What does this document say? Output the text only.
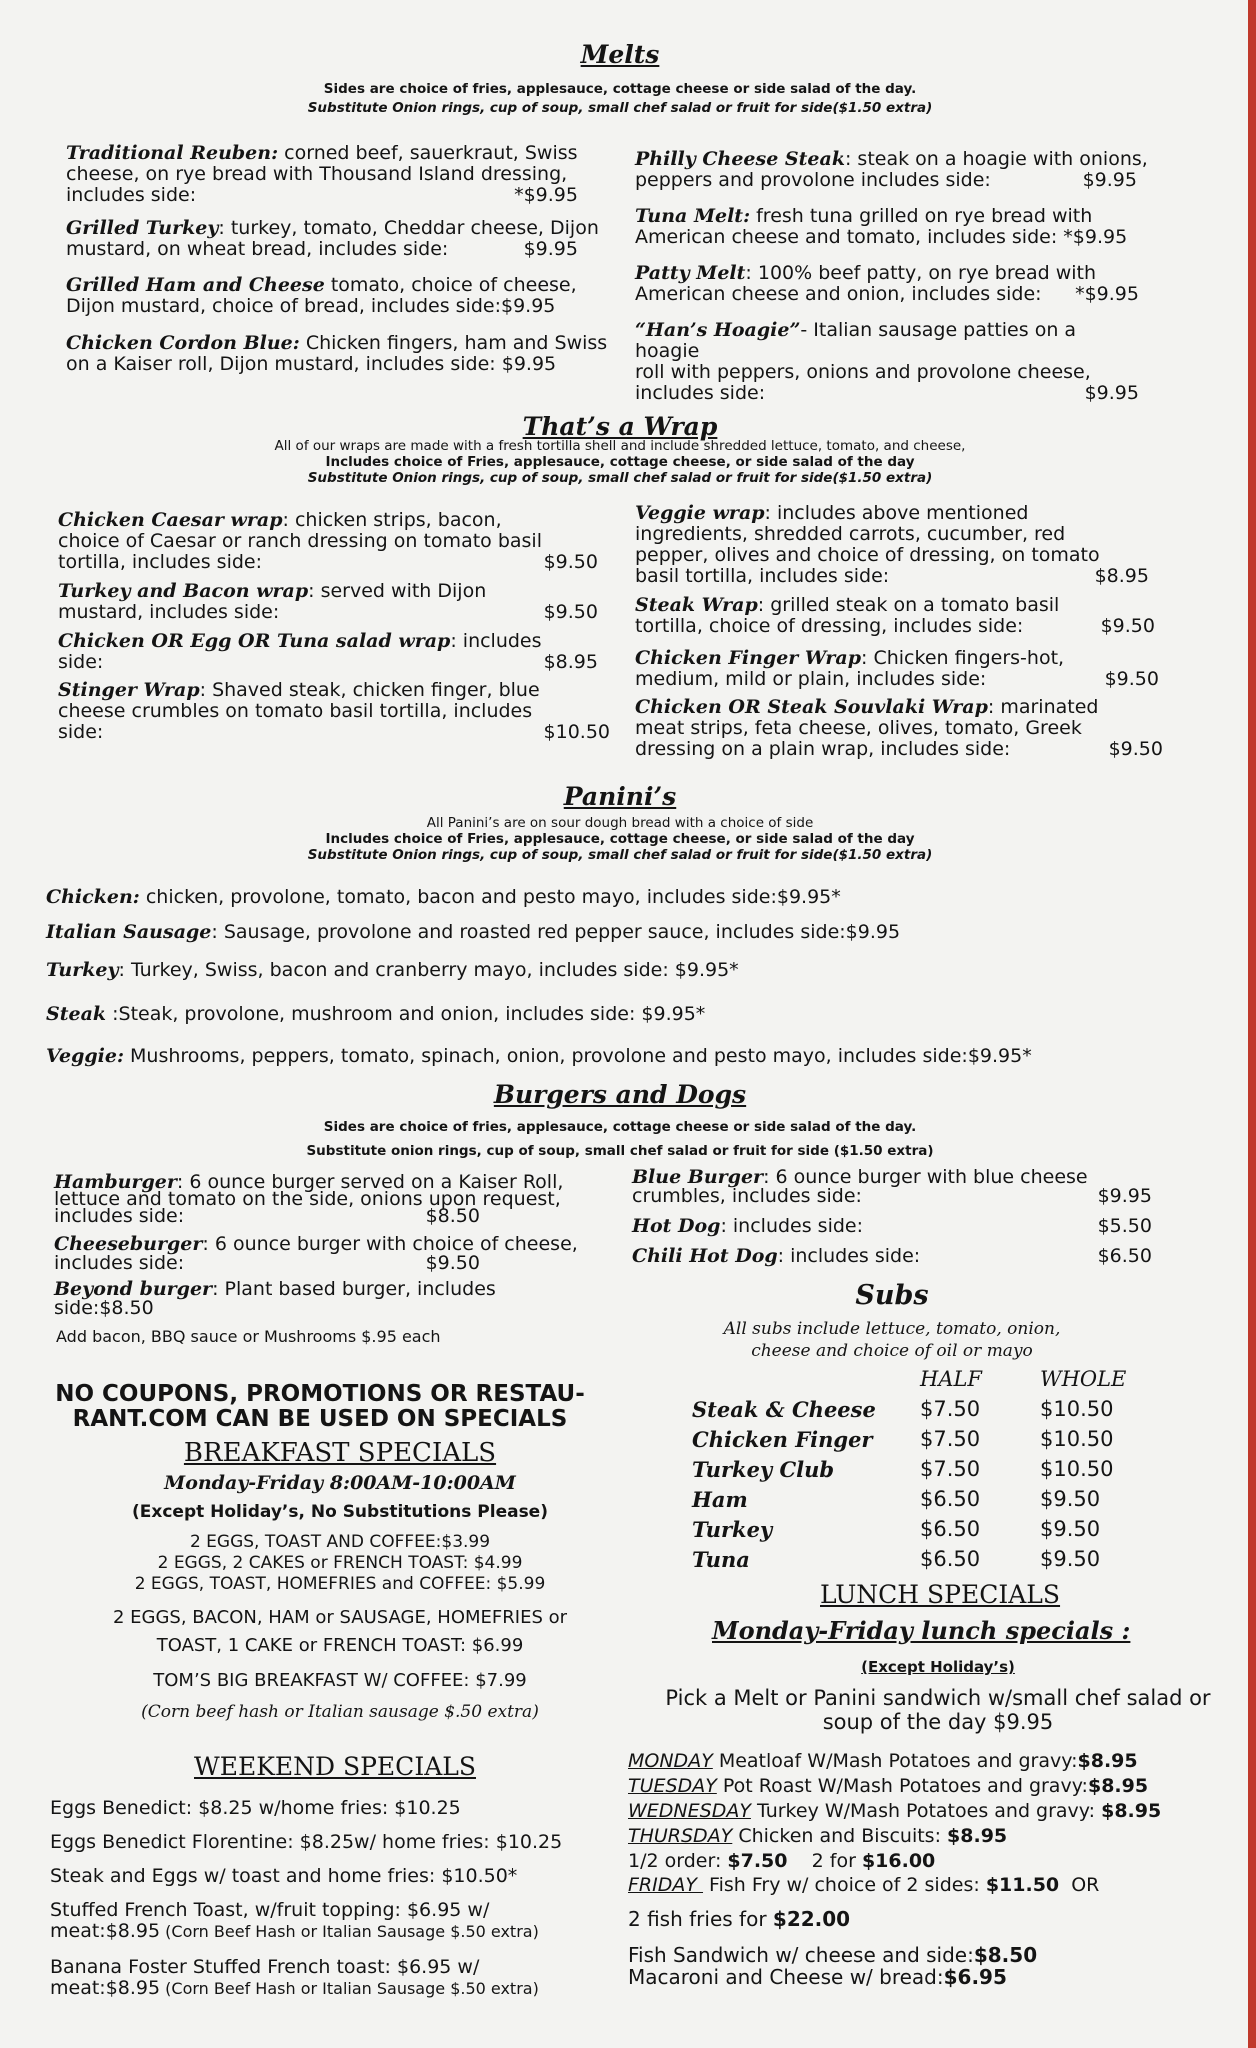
Melts
Sides are choice of fries, applesauce, cottage cheese or side salad of the day.
Substitute Onion rings, cup of soup, small chef salad or fruit for side($1.50 extra)
Traditional Reuben: corned beef, sauerkraut, Swiss
cheese, on rye bread with Thousand Island dressing,
includes side:	*$9.95
Grilled Turkey: turkey, tomato, Cheddar cheese, Dijon
mustard, on wheat bread, includes side:	$9.95
Grilled Ham and Cheese tomato, choice of cheese,
Dijon mustard, choice of bread, includes side:$9.95
Chicken Cordon Blue: Chicken fingers, ham and Swiss
on a Kaiser roll, Dijon mustard, includes side: $9.95
Philly Cheese Steak: steak on a hoagie with onions,
peppers and provolone includes side:	$9.95
Tuna Melt: fresh tuna grilled on rye bread with
American cheese and tomato, includes side: *$9.95
Patty Melt: 100% beef patty, on rye bread with
American cheese and onion, includes side: *$9.95
“Han’s Hoagie”- Italian sausage patties on a hoagie
roll with peppers, onions and provolone cheese,
includes side:	$9.95
That’s a Wrap
All of our wraps are made with a fresh tortilla shell and include shredded lettuce, tomato, and cheese,
Includes choice of Fries, applesauce, cottage cheese, or side salad of the day
Substitute Onion rings, cup of soup, small chef salad or fruit for side($1.50 extra)
Chicken Caesar wrap: chicken strips, bacon,
choice of Caesar or ranch dressing on tomato basil
tortilla, includes side:	$9.50
Turkey and Bacon wrap: served with Dijon
mustard, includes side:	$9.50
Chicken OR Egg OR Tuna salad wrap: includes
side:	$8.95
Stinger Wrap: Shaved steak, chicken finger, blue
cheese crumbles on tomato basil tortilla, includes
side:	$10.50
Veggie wrap: includes above mentioned
ingredients, shredded carrots, cucumber, red
pepper, olives and choice of dressing, on tomato
basil tortilla, includes side:	$8.95
Steak Wrap: grilled steak on a tomato basil
tortilla, choice of dressing, includes side:	$9.50
Chicken Finger Wrap: Chicken fingers-hot,
medium, mild or plain, includes side:	$9.50
Chicken OR Steak Souvlaki Wrap: marinated
meat strips, feta cheese, olives, tomato, Greek
dressing on a plain wrap, includes side:	$9.50
Panini’s
All Panini’s are on sour dough bread with a choice of side
Includes choice of Fries, applesauce, cottage cheese, or side salad of the day
Substitute Onion rings, cup of soup, small chef salad or fruit for side($1.50 extra)
Chicken: chicken, provolone, tomato, bacon and pesto mayo, includes side:$9.95*
Italian Sausage: Sausage, provolone and roasted red pepper sauce, includes side:$9.95
Turkey: Turkey, Swiss, bacon and cranberry mayo, includes side: $9.95*
Steak :Steak, provolone, mushroom and onion, includes side: $9.95*
Veggie: Mushrooms, peppers, tomato, spinach, onion, provolone and pesto mayo, includes side:$9.95*
Burgers and Dogs
Sides are choice of fries, applesauce, cottage cheese or side salad of the day.
Substitute onion rings, cup of soup, small chef salad or fruit for side ($1.50 extra)
Hamburger: 6 ounce burger served on a Kaiser Roll,
lettuce and tomato on the side, onions upon request,
includes side:	$8.50
Cheeseburger: 6 ounce burger with choice of cheese,
includes side:	$9.50
Beyond burger: Plant based burger, includes
side:$8.50
Add bacon, BBQ sauce or Mushrooms $.95 each
Blue Burger: 6 ounce burger with blue cheese
crumbles, includes side:	$9.95
Hot Dog: includes side:	$5.50
Chili Hot Dog: includes side:	$6.50
Subs
All subs include lettuce, tomato, onion,
cheese and choice of oil or mayo
	HALF	WHOLE
Steak & Cheese	$7.50	$10.50
Chicken Finger	$7.50	$10.50
Turkey Club	$7.50	$10.50
Ham	$6.50	$9.50
Turkey	$6.50	$9.50
Tuna	$6.50	$9.50
NO COUPONS, PROMOTIONS OR RESTAU-
RANT.COM CAN BE USED ON SPECIALS
BREAKFAST SPECIALS
Monday-Friday 8:00AM-10:00AM
(Except Holiday’s, No Substitutions Please)
2 EGGS, TOAST AND COFFEE:$3.99
2 EGGS, 2 CAKES or FRENCH TOAST: $4.99
2 EGGS, TOAST, HOMEFRIES and COFFEE: $5.99
2 EGGS, BACON, HAM or SAUSAGE, HOMEFRIES or
TOAST, 1 CAKE or FRENCH TOAST: $6.99
TOM’S BIG BREAKFAST W/ COFFEE: $7.99
(Corn beef hash or Italian sausage $.50 extra)
WEEKEND SPECIALS
Eggs Benedict: $8.25 w/home fries: $10.25
Eggs Benedict Florentine: $8.25w/ home fries: $10.25
Steak and Eggs w/ toast and home fries: $10.50*
Stuffed French Toast, w/fruit topping: $6.95 w/
meat:$8.95 (Corn Beef Hash or Italian Sausage $.50 extra)
Banana Foster Stuffed French toast: $6.95 w/
meat:$8.95 (Corn Beef Hash or Italian Sausage $.50 extra)
LUNCH SPECIALS
Monday-Friday lunch specials :
(Except Holiday’s)
Pick a Melt or Panini sandwich w/small chef salad or
soup of the day $9.95
MONDAY Meatloaf W/Mash Potatoes and gravy:$8.95
TUESDAY Pot Roast W/Mash Potatoes and gravy:$8.95
WEDNESDAY Turkey W/Mash Potatoes and gravy: $8.95
THURSDAY Chicken and Biscuits: $8.95
1/2 order: $7.50    2 for $16.00
FRIDAY  Fish Fry w/ choice of 2 sides: $11.50  OR
2 fish fries for $22.00
Fish Sandwich w/ cheese and side:$8.50
Macaroni and Cheese w/ bread:$6.95
